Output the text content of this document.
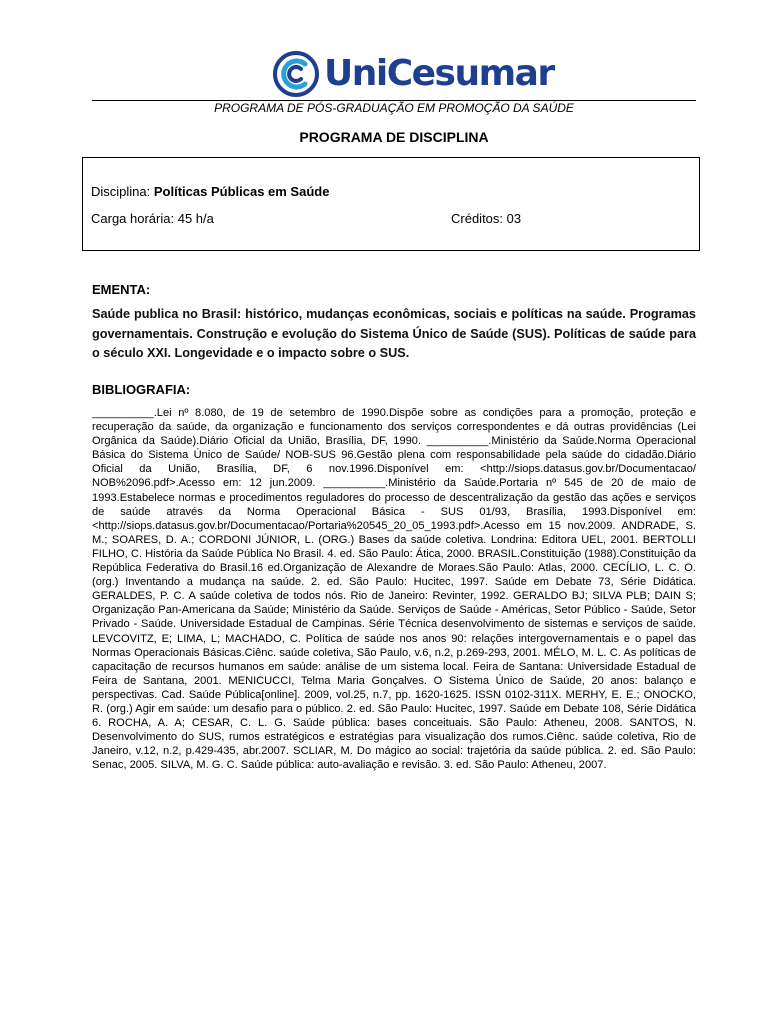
UniCesumar
PROGRAMA DE PÓS-GRADUAÇÃO EM PROMOÇÃO DA SAÚDE
PROGRAMA DE DISCIPLINA
Disciplina: Políticas Públicas em Saúde
Carga horária: 45 h/a	Créditos: 03
EMENTA:
Saúde publica no Brasil: histórico, mudanças econômicas, sociais e políticas na saúde. Programas governamentais. Construção e evolução do Sistema Único de Saúde (SUS). Políticas de saúde para o século XXI. Longevidade e o impacto sobre o SUS.
BIBLIOGRAFIA:

__________.Lei nº 8.080, de 19 de setembro de 1990.Dispõe sobre as condições para a promoção, proteção e recuperação da saúde, da organização e funcionamento dos serviços correspondentes e dá outras providências (Lei Orgânica da Saúde).Diário Oficial da União, Brasília, DF, 1990. __________.Ministério da Saúde.Norma Operacional Básica do Sistema Único de Saúde/ NOB-SUS 96.Gestão plena com responsabilidade pela saúde do cidadão.Diário Oficial da União, Brasília, DF, 6 nov.1996.Disponível em: <http://siops.datasus.gov.br/Documentacao/ NOB%2096.pdf>.Acesso em: 12 jun.2009. __________.Ministério da Saúde.Portaria nº 545 de 20 de maio de 1993.Estabelece normas e procedimentos reguladores do processo de descentralização da gestão das ações e serviços de saúde através da Norma Operacional Básica - SUS 01/93, Brasília, 1993.Disponível em: <http://siops.datasus.gov.br/Documentacao/Portaria%20545_20_05_1993.pdf>.Acesso em 15 nov.2009. ANDRADE, S. M.; SOARES, D. A.; CORDONI JÚNIOR, L. (ORG.) Bases da saúde coletiva. Londrina: Editora UEL, 2001. BERTOLLI FILHO, C. História da Saúde Pública No Brasil. 4. ed. São Paulo: Ática, 2000. BRASIL.Constituição (1988).Constituição da República Federativa do Brasil.16 ed.Organização de Alexandre de Moraes.São Paulo: Atlas, 2000. CECÍLIO, L. C. O. (org.) Inventando a mudança na saúde. 2. ed. São Paulo: Hucitec, 1997. Saúde em Debate 73, Série Didática. GERALDES, P. C. A saúde coletiva de todos nós. Rio de Janeiro: Revinter, 1992. GERALDO BJ; SILVA PLB; DAIN S; Organização Pan-Americana da Saúde; Ministério da Saúde. Serviços de Saúde - Américas, Setor Público - Saúde, Setor Privado - Saúde. Universidade Estadual de Campinas. Série Técnica desenvolvimento de sistemas e serviços de saúde. LEVCOVITZ, E; LIMA, L; MACHADO, C. Política de saúde nos anos 90: relações intergovernamentais e o papel das Normas Operacionais Básicas.Ciênc. saúde coletiva, São Paulo, v.6, n.2, p.269-293, 2001. MÉLO, M. L. C. As políticas de capacitação de recursos humanos em saúde: análise de um sistema local. Feira de Santana: Universidade Estadual de Feira de Santana, 2001. MENICUCCI, Telma Maria Gonçalves. O Sistema Único de Saúde, 20 anos: balanço e perspectivas. Cad. Saúde Pública[online]. 2009, vol.25, n.7, pp. 1620-1625. ISSN 0102-311X. MERHY, E. E.; ONOCKO, R. (org.) Agir em saúde: um desafio para o público. 2. ed. São Paulo: Hucitec, 1997. Saúde em Debate 108, Série Didática 6. ROCHA, A. A; CESAR, C. L. G. Saúde pública: bases conceituais. São Paulo: Atheneu, 2008. SANTOS, N. Desenvolvimento do SUS, rumos estratégicos e estratégias para visualização dos rumos.Ciênc. saúde coletiva, Rio de Janeiro, v.12, n.2, p.429-435, abr.2007. SCLIAR, M. Do mágico ao social: trajetória da saúde pública. 2. ed. São Paulo: Senac, 2005. SILVA, M. G. C. Saúde pública: auto-avaliação e revisão. 3. ed. São Paulo: Atheneu, 2007.
